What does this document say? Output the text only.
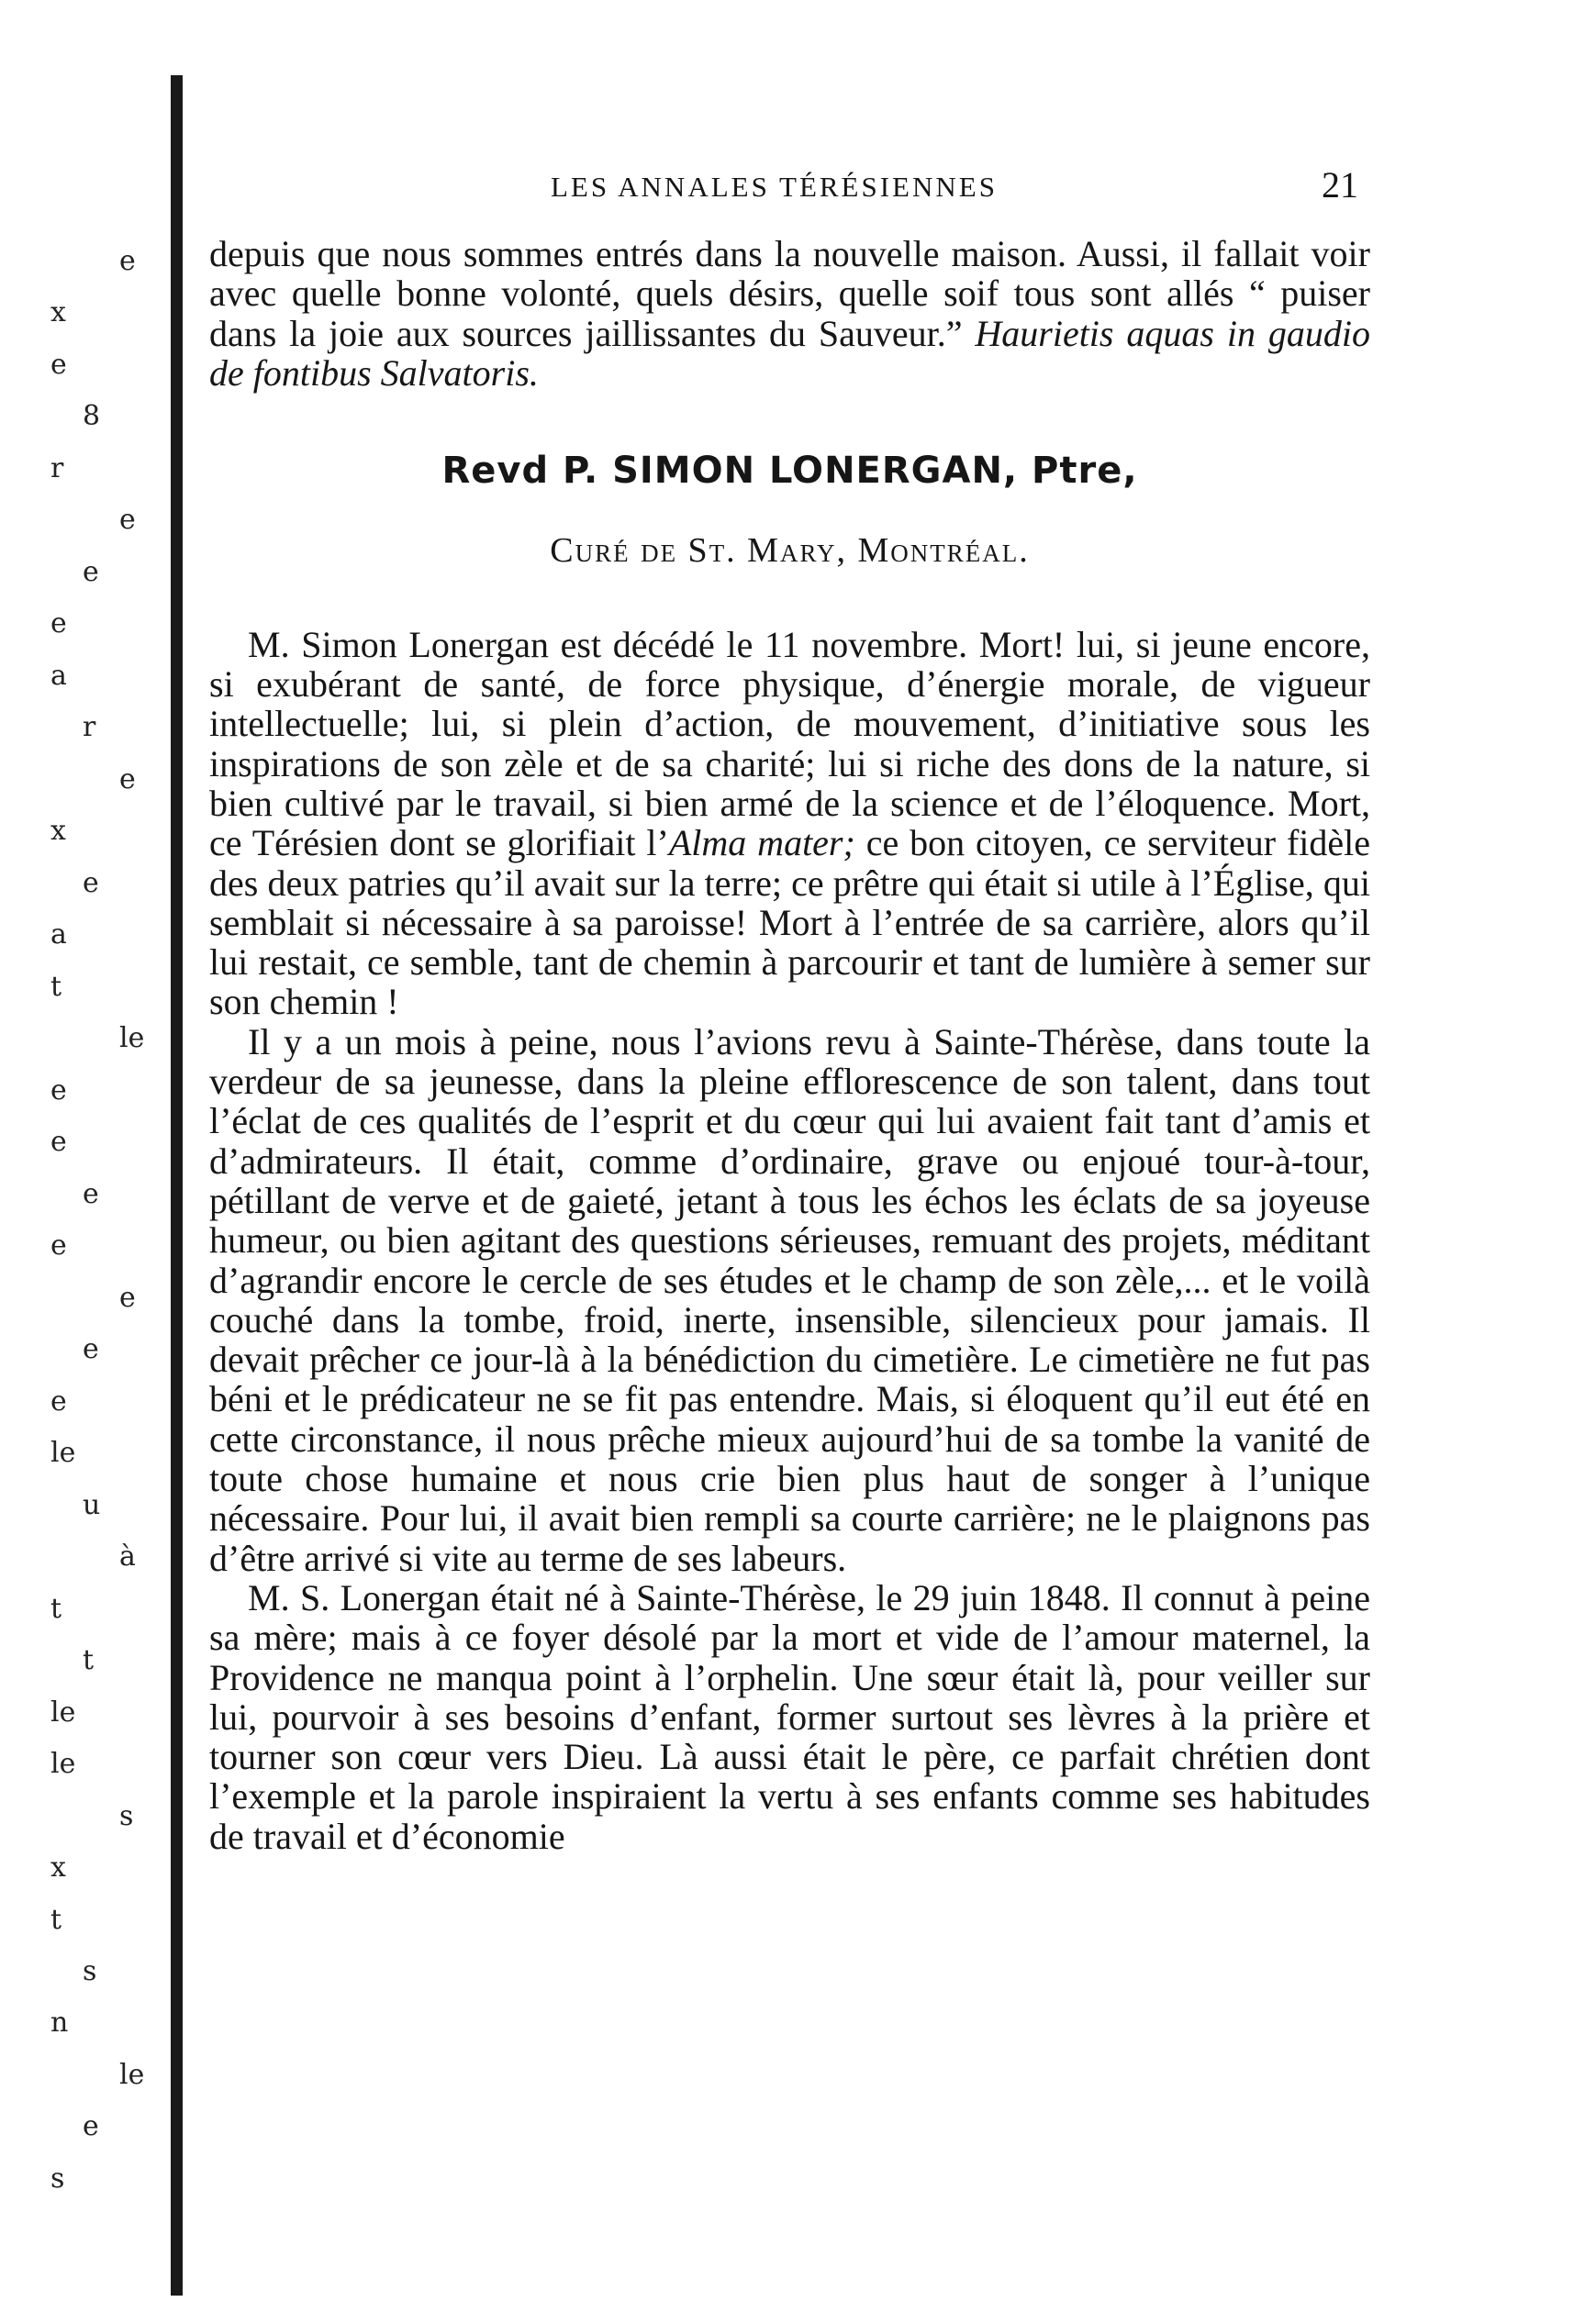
e
x
e
8
r
e
e
e
a
r
e
x
e
a
t
le
e
e
e
e
e
e
e
le
u
à
t
t
le
le
s
x
t
s
n
le
e
s
LES ANNALES TÉRÉSIENNES	21

depuis que nous sommes entrés dans la nouvelle maison. Aussi, il fallait voir avec quelle bonne volonté, quels désirs, quelle soif tous sont allés “ puiser dans la joie aux sources jaillissantes du Sauveur.” Haurietis aquas in gaudio de fontibus Salvatoris.

Revd P. SIMON LONERGAN, Ptre,

Curé de St. Mary, Montréal.

M. Simon Lonergan est décédé le 11 novembre. Mort! lui, si jeune encore, si exubérant de santé, de force physique, d’énergie morale, de vigueur intellectuelle; lui, si plein d’action, de mouvement, d’initiative sous les inspirations de son zèle et de sa charité; lui si riche des dons de la nature, si bien cultivé par le travail, si bien armé de la science et de l’éloquence. Mort, ce Térésien dont se glorifiait l’Alma mater; ce bon citoyen, ce serviteur fidèle des deux patries qu’il avait sur la terre; ce prêtre qui était si utile à l’Église, qui semblait si nécessaire à sa paroisse! Mort à l’entrée de sa carrière, alors qu’il lui restait, ce semble, tant de chemin à parcourir et tant de lumière à semer sur son chemin !

Il y a un mois à peine, nous l’avions revu à Sainte-Thérèse, dans toute la verdeur de sa jeunesse, dans la pleine efflorescence de son talent, dans tout l’éclat de ces qualités de l’esprit et du cœur qui lui avaient fait tant d’amis et d’admirateurs. Il était, comme d’ordinaire, grave ou enjoué tour-à-tour, pétillant de verve et de gaieté, jetant à tous les échos les éclats de sa joyeuse humeur, ou bien agitant des questions sérieuses, remuant des projets, méditant d’agrandir encore le cercle de ses études et le champ de son zèle,... et le voilà couché dans la tombe, froid, inerte, insensible, silencieux pour jamais. Il devait prêcher ce jour-là à la bénédiction du cimetière. Le cimetière ne fut pas béni et le prédicateur ne se fit pas entendre. Mais, si éloquent qu’il eut été en cette circonstance, il nous prêche mieux aujourd’hui de sa tombe la vanité de toute chose humaine et nous crie bien plus haut de songer à l’unique nécessaire. Pour lui, il avait bien rempli sa courte carrière; ne le plaignons pas d’être arrivé si vite au terme de ses labeurs.

M. S. Lonergan était né à Sainte-Thérèse, le 29 juin 1848. Il connut à peine sa mère; mais à ce foyer désolé par la mort et vide de l’amour maternel, la Providence ne manqua point à l’orphelin. Une sœur était là, pour veiller sur lui, pourvoir à ses besoins d’enfant, former surtout ses lèvres à la prière et tourner son cœur vers Dieu. Là aussi était le père, ce parfait chrétien dont l’exemple et la parole inspiraient la vertu à ses enfants comme ses habitudes de travail et d’économie
